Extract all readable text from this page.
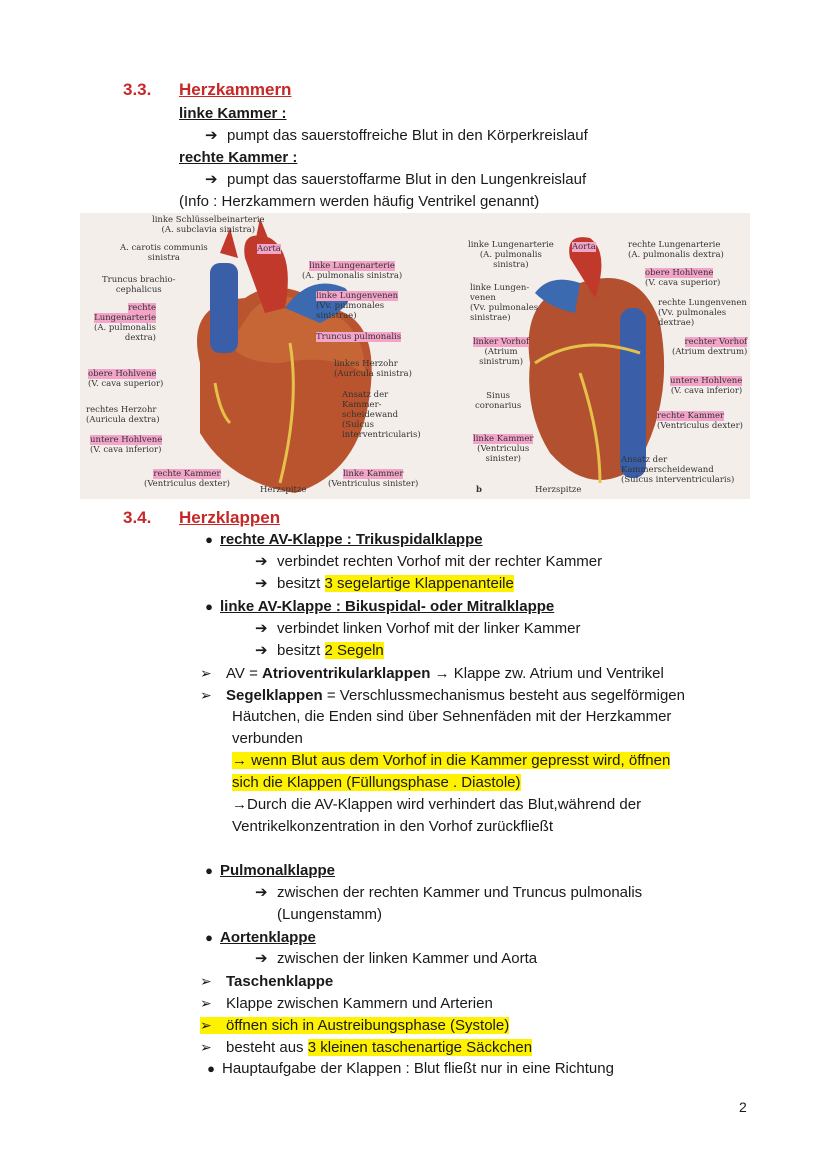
3.3. Herzkammern
linke Kammer :
➔ pumpt das sauerstoffreiche Blut in den Körperkreislauf
rechte Kammer :
➔ pumpt das sauerstoffarme Blut in den Lungenkreislauf
(Info : Herzkammern werden häufig Ventrikel genannt)
linke Schlüsselbeinarterie
(A. subclavia sinistra)
A. carotis communis
sinistra
Aorta
Truncus brachio-
cephalicus
rechte
Lungenarterie
(A. pulmonalis
dextra)
obere Hohlvene
(V. cava superior)
rechtes Herzohr
(Auricula dextra)
untere Hohlvene
(V. cava inferior)
rechte Kammer
(Ventriculus dexter)
Herzspitze
linke Kammer
(Ventriculus sinister)
linke Lungenarterie
(A. pulmonalis sinistra)
linke Lungenvenen
(Vv. pulmonales
sinistrae)
Truncus pulmonalis
linkes Herzohr
(Auricula sinistra)
Ansatz der
Kammer-
scheidewand
(Sulcus
interventricularis)
linke Lungenarterie
(A. pulmonalis
sinistra)
Aorta	rechte Lungenarterie
(A. pulmonalis dextra)
obere Hohlvene
(V. cava superior)
linke Lungen-
venen
(Vv. pulmonales
sinistrae)
rechte Lungenvenen
(Vv. pulmonales
dextrae)
linker Vorhof
(Atrium
sinistrum)
rechter Vorhof
(Atrium dextrum)
Sinus
coronarius
untere Hohlvene
(V. cava inferior)
rechte Kammer
(Ventriculus dexter)
linke Kammer
(Ventriculus
sinister)	Ansatz der
Kammerscheidewand
(Sulcus interventricularis)
b	Herzspitze
3.4. Herzklappen
● rechte AV-Klappe : Trikuspidalklappe
➔ verbindet rechten Vorhof mit der rechter Kammer
➔ besitzt 3 segelartige Klappenanteile
● linke AV-Klappe : Bikuspidal- oder Mitralklappe
➔ verbindet linken Vorhof mit der linker Kammer
➔ besitzt 2 Segeln
➢ AV = Atrioventrikularklappen → Klappe zw. Atrium und Ventrikel
➢ Segelklappen = Verschlussmechanismus besteht aus segelförmigen
Häutchen, die Enden sind über Sehnenfäden mit der Herzkammer
verbunden
→ wenn Blut aus dem Vorhof in die Kammer gepresst wird, öffnen
sich die Klappen (Füllungsphase . Diastole)
→Durch die AV-Klappen wird verhindert das Blut,während der
Ventrikelkonzentration in den Vorhof zurückfließt
● Pulmonalklappe
➔ zwischen der rechten Kammer und Truncus pulmonalis
(Lungenstamm)
● Aortenklappe
➔ zwischen der linken Kammer und Aorta
➢ Taschenklappe
➢ Klappe zwischen Kammern und Arterien
➢ öffnen sich in Austreibungsphase (Systole)
➢ besteht aus 3 kleinen taschenartige Säckchen
● Hauptaufgabe der Klappen : Blut fließt nur in eine Richtung
2
